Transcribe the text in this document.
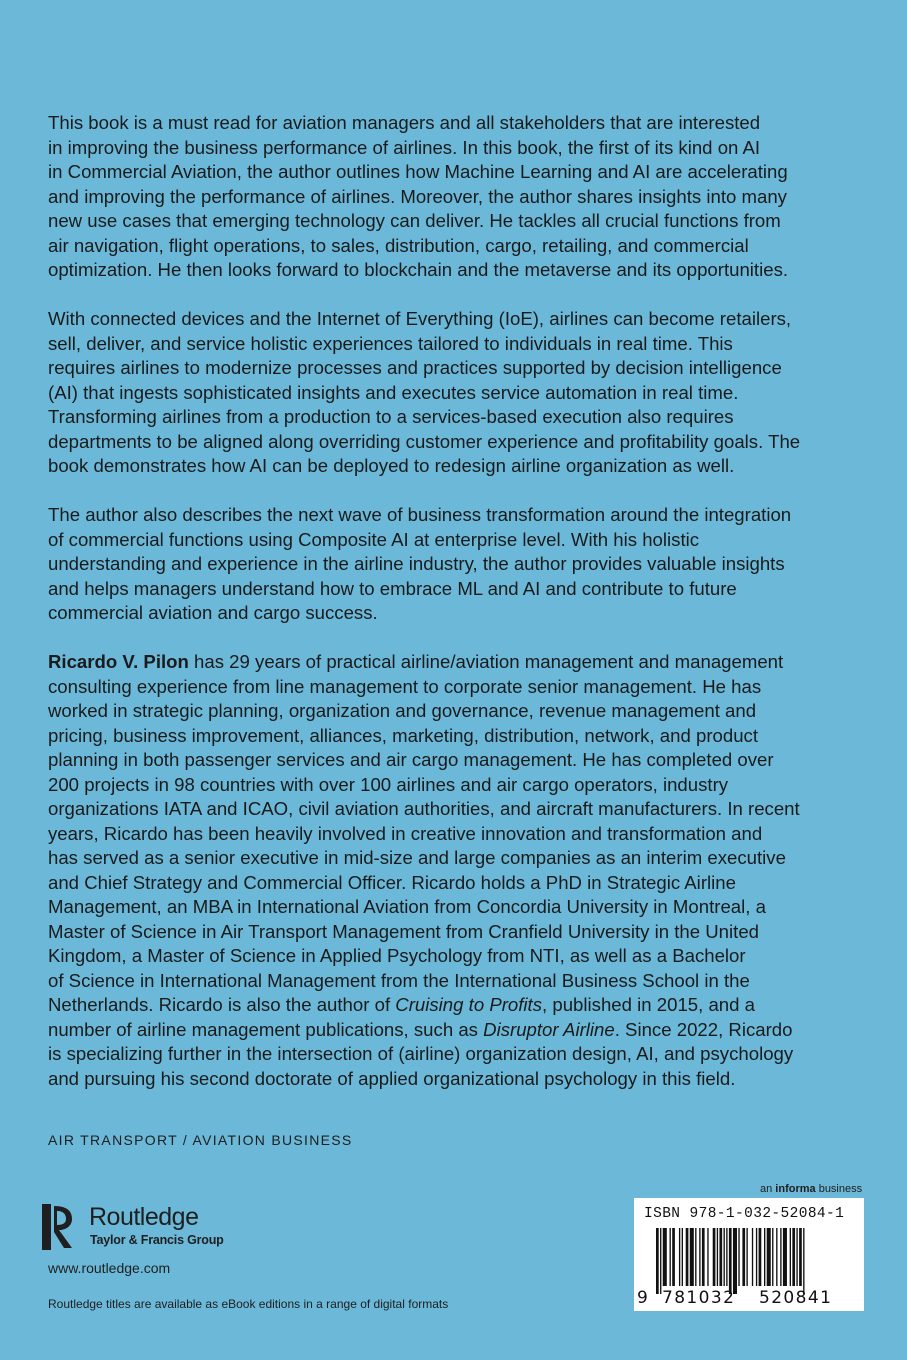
This book is a must read for aviation managers and all stakeholders that are interested
in improving the business performance of airlines. In this book, the first of its kind on AI
in Commercial Aviation, the author outlines how Machine Learning and AI are accelerating
and improving the performance of airlines. Moreover, the author shares insights into many
new use cases that emerging technology can deliver. He tackles all crucial functions from
air navigation, flight operations, to sales, distribution, cargo, retailing, and commercial
optimization. He then looks forward to blockchain and the metaverse and its opportunities.

With connected devices and the Internet of Everything (IoE), airlines can become retailers,
sell, deliver, and service holistic experiences tailored to individuals in real time. This
requires airlines to modernize processes and practices supported by decision intelligence
(AI) that ingests sophisticated insights and executes service automation in real time.
Transforming airlines from a production to a services-based execution also requires
departments to be aligned along overriding customer experience and profitability goals. The
book demonstrates how AI can be deployed to redesign airline organization as well.

The author also describes the next wave of business transformation around the integration
of commercial functions using Composite AI at enterprise level. With his holistic
understanding and experience in the airline industry, the author provides valuable insights
and helps managers understand how to embrace ML and AI and contribute to future
commercial aviation and cargo success.

Ricardo V. Pilon has 29 years of practical airline/aviation management and management
consulting experience from line management to corporate senior management. He has
worked in strategic planning, organization and governance, revenue management and
pricing, business improvement, alliances, marketing, distribution, network, and product
planning in both passenger services and air cargo management. He has completed over
200 projects in 98 countries with over 100 airlines and air cargo operators, industry
organizations IATA and ICAO, civil aviation authorities, and aircraft manufacturers. In recent
years, Ricardo has been heavily involved in creative innovation and transformation and
has served as a senior executive in mid-size and large companies as an interim executive
and Chief Strategy and Commercial Officer. Ricardo holds a PhD in Strategic Airline
Management, an MBA in International Aviation from Concordia University in Montreal, a
Master of Science in Air Transport Management from Cranfield University in the United
Kingdom, a Master of Science in Applied Psychology from NTI, as well as a Bachelor
of Science in International Management from the International Business School in the
Netherlands. Ricardo is also the author of Cruising to Profits, published in 2015, and a
number of airline management publications, such as Disruptor Airline. Since 2022, Ricardo
is specializing further in the intersection of (airline) organization design, AI, and psychology
and pursuing his second doctorate of applied organizational psychology in this field.

AIR TRANSPORT / AVIATION BUSINESS
Routledge
Taylor & Francis Group
www.routledge.com
Routledge titles are available as eBook editions in a range of digital formats
an informa business
ISBN 978-1-032-52084-1
9 781032 520841
